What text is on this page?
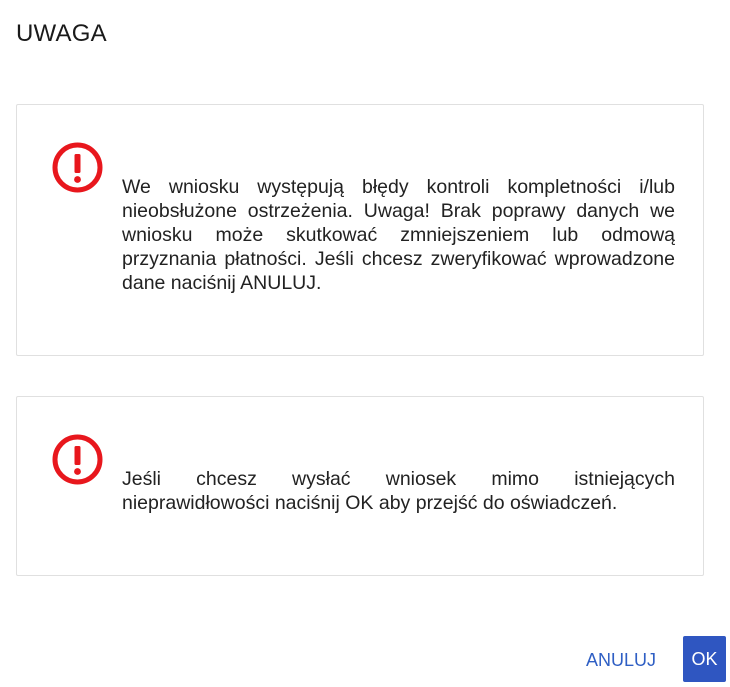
UWAGA
We wniosku występują błędy kontroli kompletności i/lub nieobsłużone ostrzeżenia. Uwaga! Brak poprawy danych we wniosku może skutkować zmniejszeniem lub odmową przyznania płatności. Jeśli chcesz zweryfikować wprowadzone dane naciśnij ANULUJ.
Jeśli chcesz wysłać wniosek mimo istniejących nieprawidłowości naciśnij OK aby przejść do oświadczeń.
ANULUJ	OK
